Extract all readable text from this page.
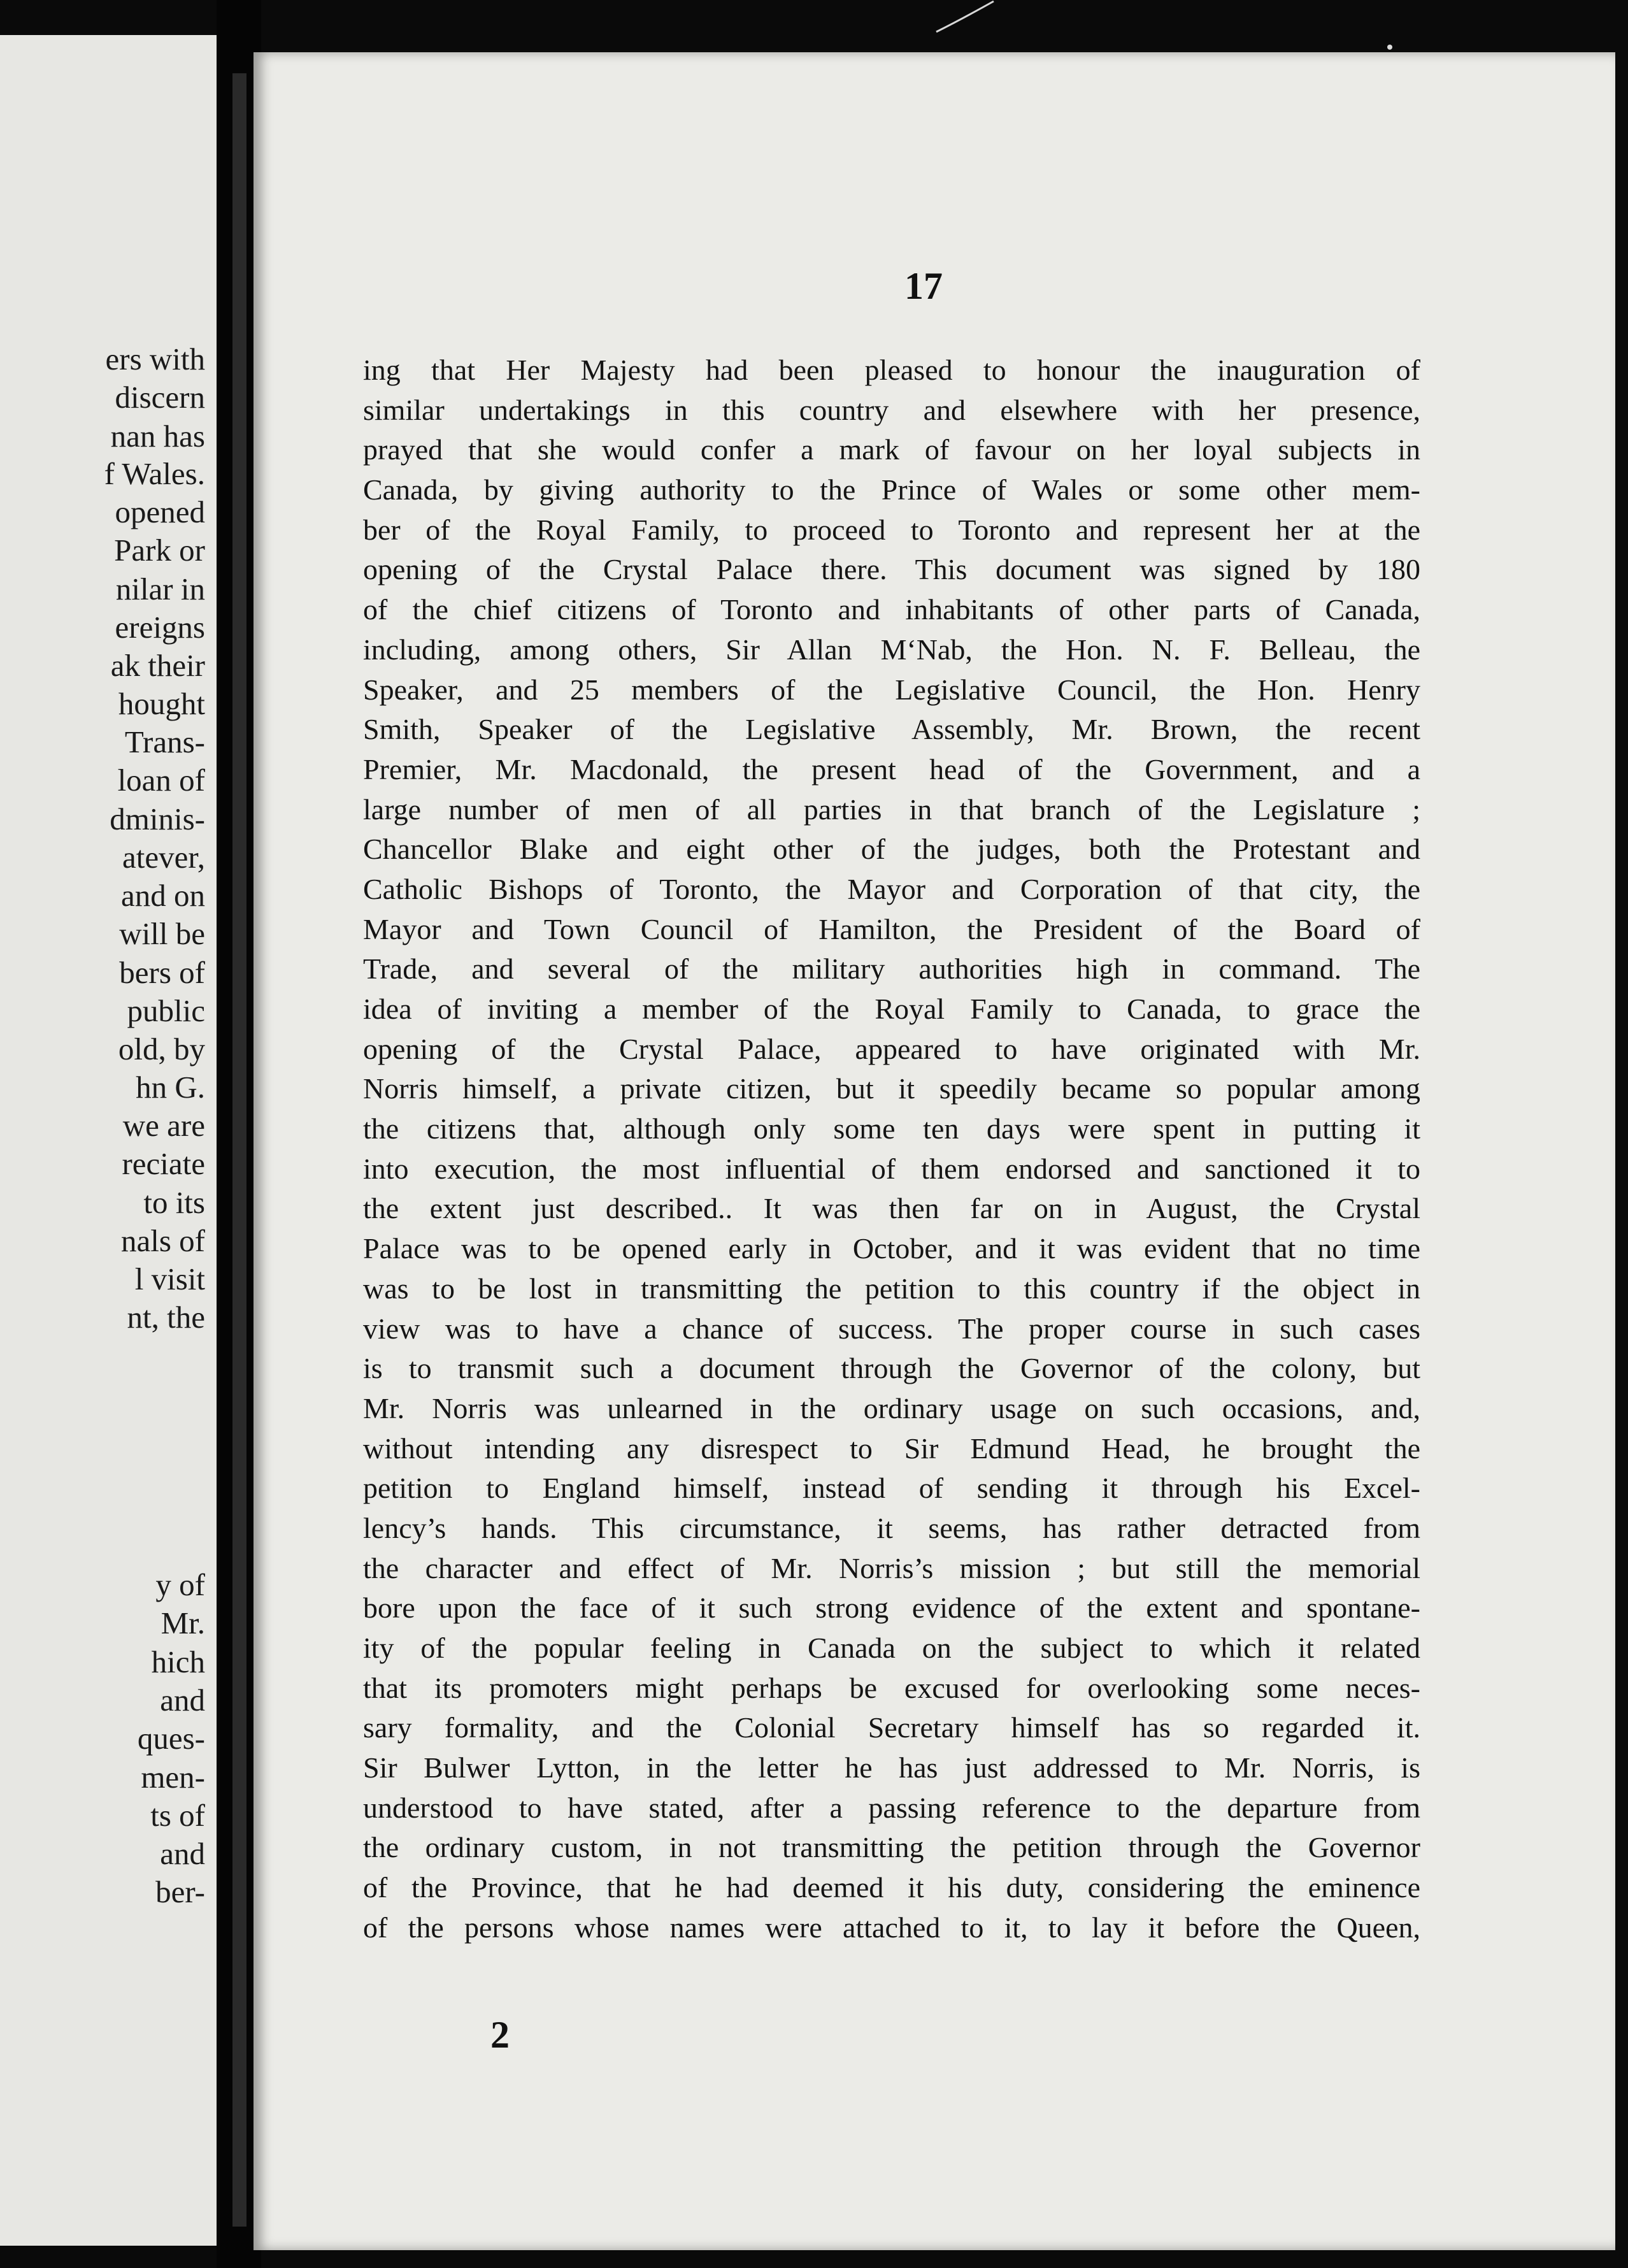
ers with
discern
nan has
f Wales.
opened
Park or
nilar in
ereigns
ak their
hought
Trans-
loan of
dminis-
atever,
and on
will be
bers of
public
old, by
hn G.
we are
reciate
to its
nals of
l visit
nt, the
y of
Mr.
hich
and
ques-
men-
ts of
and
ber-
17
ing that Her Majesty had been pleased to honour the inauguration of
similar undertakings in this country and elsewhere with her presence,
prayed that she would confer a mark of favour on her loyal subjects in
Canada, by giving authority to the Prince of Wales or some other mem-
ber of the Royal Family, to proceed to Toronto and represent her at the
opening of the Crystal Palace there. This document was signed by 180
of the chief citizens of Toronto and inhabitants of other parts of Canada,
including, among others, Sir Allan M‘Nab, the Hon. N. F. Belleau, the
Speaker, and 25 members of the Legislative Council, the Hon. Henry
Smith, Speaker of the Legislative Assembly, Mr. Brown, the recent
Premier, Mr. Macdonald, the present head of the Government, and a
large number of men of all parties in that branch of the Legislature ;
Chancellor Blake and eight other of the judges, both the Protestant and
Catholic Bishops of Toronto, the Mayor and Corporation of that city, the
Mayor and Town Council of Hamilton, the President of the Board of
Trade, and several of the military authorities high in command. The
idea of inviting a member of the Royal Family to Canada, to grace the
opening of the Crystal Palace, appeared to have originated with Mr.
Norris himself, a private citizen, but it speedily became so popular among
the citizens that, although only some ten days were spent in putting it
into execution, the most influential of them endorsed and sanctioned it to
the extent just described.. It was then far on in August, the Crystal
Palace was to be opened early in October, and it was evident that no time
was to be lost in transmitting the petition to this country if the object in
view was to have a chance of success. The proper course in such cases
is to transmit such a document through the Governor of the colony, but
Mr. Norris was unlearned in the ordinary usage on such occasions, and,
without intending any disrespect to Sir Edmund Head, he brought the
petition to England himself, instead of sending it through his Excel-
lency’s hands. This circumstance, it seems, has rather detracted from
the character and effect of Mr. Norris’s mission ; but still the memorial
bore upon the face of it such strong evidence of the extent and spontane-
ity of the popular feeling in Canada on the subject to which it related
that its promoters might perhaps be excused for overlooking some neces-
sary formality, and the Colonial Secretary himself has so regarded it.
Sir Bulwer Lytton, in the letter he has just addressed to Mr. Norris, is
understood to have stated, after a passing reference to the departure from
the ordinary custom, in not transmitting the petition through the Governor
of the Province, that he had deemed it his duty, considering the eminence
of the persons whose names were attached to it, to lay it before the Queen,
2
